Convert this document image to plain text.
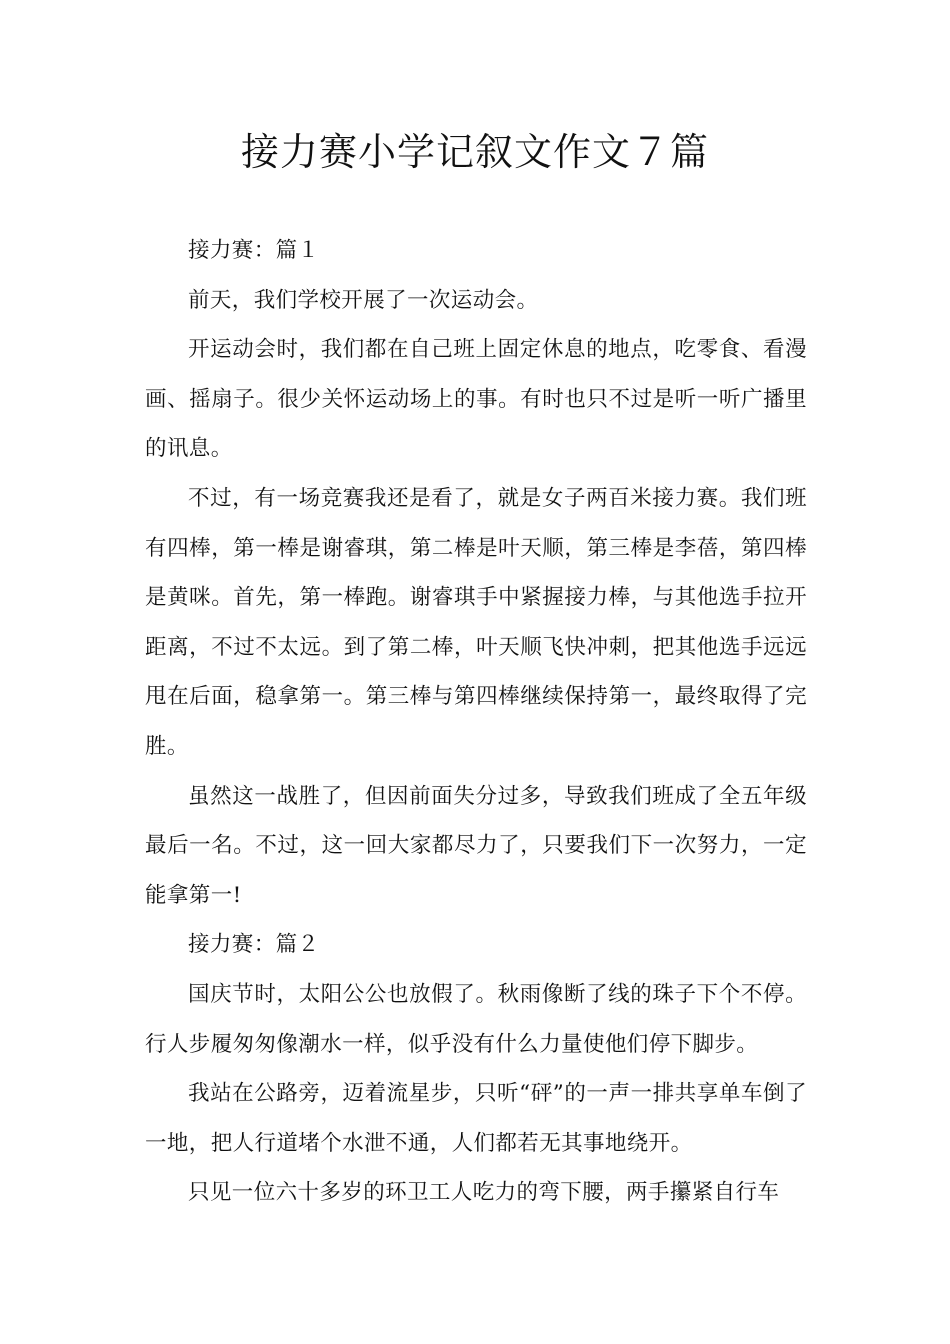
接力赛小学记叙文作文７篇

接力赛：篇１

前天，我们学校开展了一次运动会。

开运动会时，我们都在自己班上固定休息的地点，吃零食、看漫画、摇扇子。很少关怀运动场上的事。有时也只不过是听一听广播里的讯息。

不过，有一场竞赛我还是看了，就是女子两百米接力赛。我们班有四棒，第一棒是谢睿琪，第二棒是叶天顺，第三棒是李蓓，第四棒是黄咪。首先，第一棒跑。谢睿琪手中紧握接力棒，与其他选手拉开距离，不过不太远。到了第二棒，叶天顺飞快冲刺，把其他选手远远甩在后面，稳拿第一。第三棒与第四棒继续保持第一，最终取得了完胜。

虽然这一战胜了，但因前面失分过多，导致我们班成了全五年级最后一名。不过，这一回大家都尽力了，只要我们下一次努力，一定能拿第一!

接力赛：篇２

国庆节时，太阳公公也放假了。秋雨像断了线的珠子下个不停。行人步履匆匆像潮水一样，似乎没有什么力量使他们停下脚步。

我站在公路旁，迈着流星步，只听“砰”的一声一排共享单车倒了一地，把人行道堵个水泄不通，人们都若无其事地绕开。

只见一位六十多岁的环卫工人吃力的弯下腰，两手攥紧自行车
